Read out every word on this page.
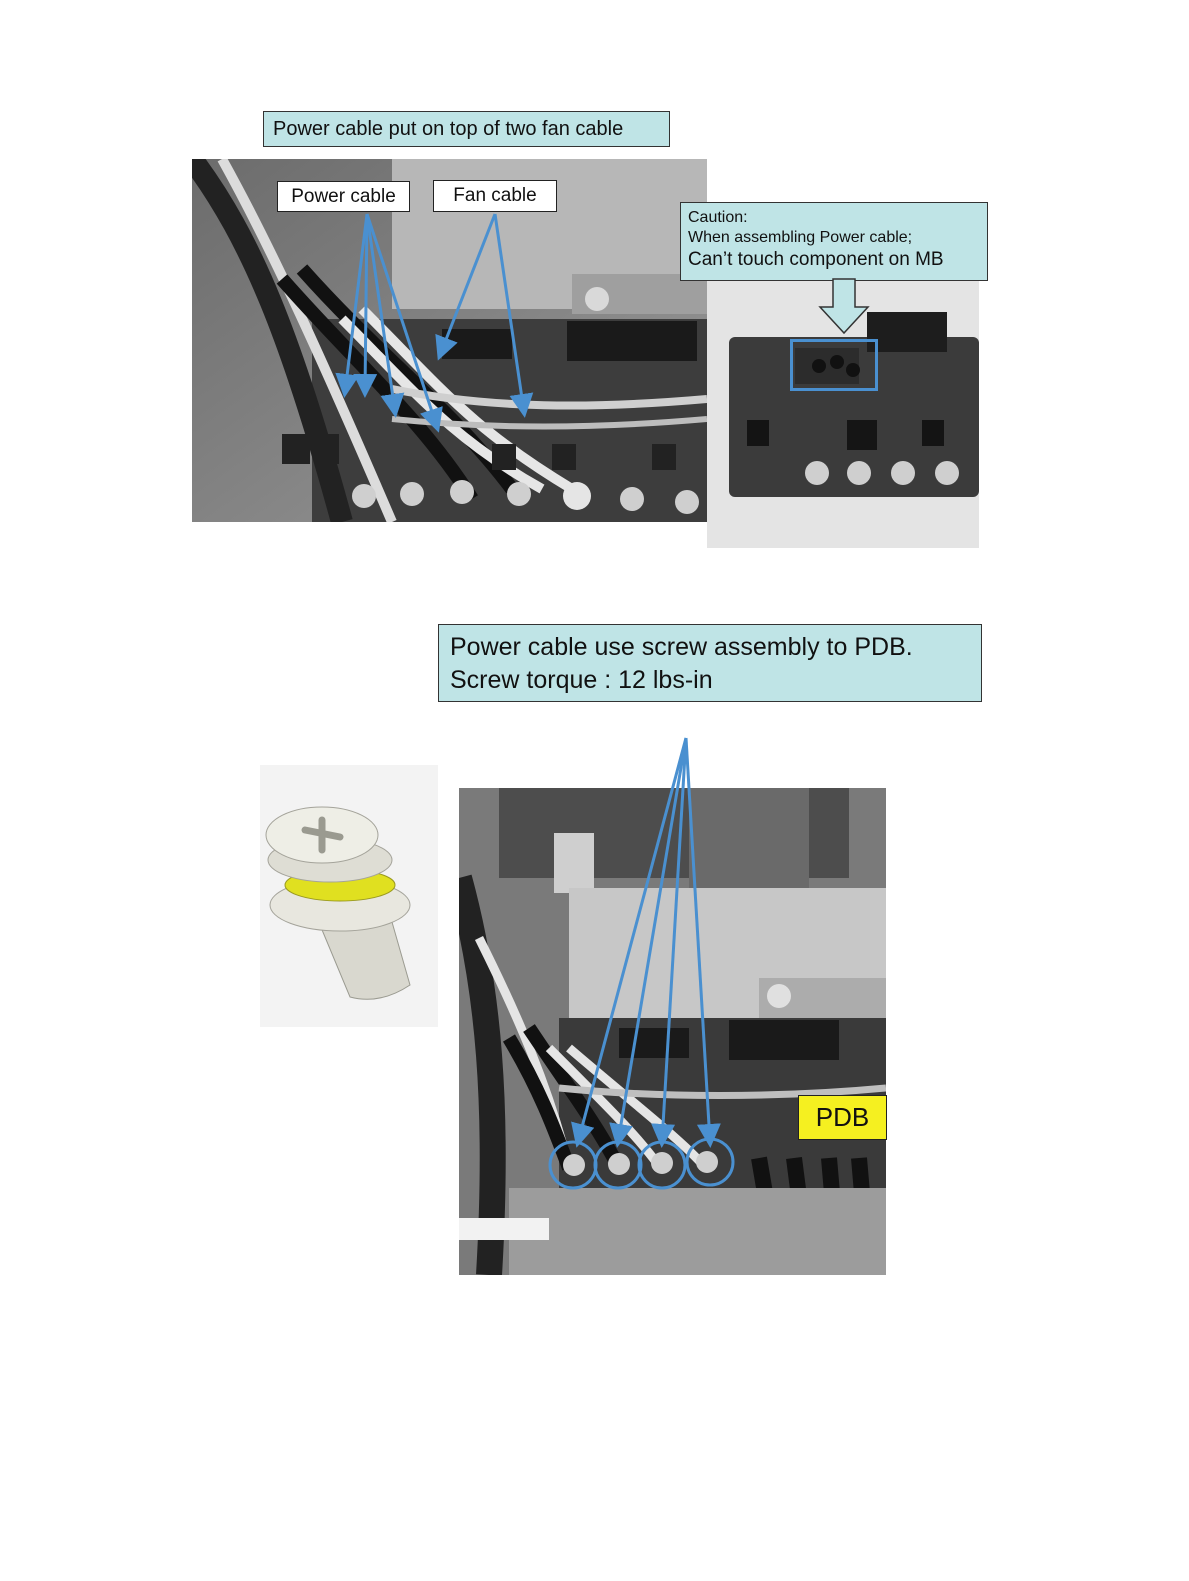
Power cable put on top of two fan cable
Power cable	Fan cable
Caution:
When assembling Power cable;
Can’t touch component on MB
Power cable use screw assembly to PDB.
Screw torque : 12 lbs-in
PDB
